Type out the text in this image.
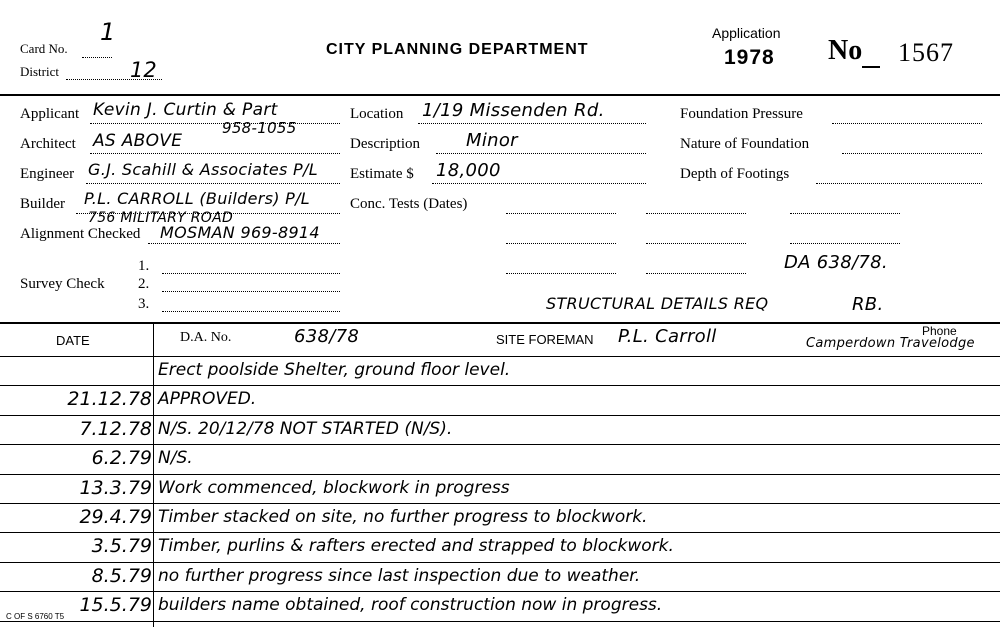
Card No.
1
District	12
CITY PLANNING DEPARTMENT
Application
1978 No 1567
Applicant Kevin J. Curtin & Part
958-1055
Architect AS ABOVE
Engineer G.J. Scahill & Associates P/L
Builder P.L. CARROLL (Builders) P/L
756 MILITARY ROAD
Alignment Checked MOSMAN 969-8914
Survey Check
1.
2.
3.
Location 1/19 Missenden Rd.
Description	Minor
Estimate $ 18,000
Conc. Tests (Dates)
DA 638/78.
STRUCTURAL DETAILS REQ	RB.
Foundation Pressure
Nature of Foundation
Depth of Footings
DATE	D.A. No.	638/78	SITE FOREMAN P.L. Carroll	Phone
Camperdown Travelodge
Erect poolside Shelter, ground floor level.
21.12.78 APPROVED.
7.12.78 N/S. 20/12/78 NOT STARTED (N/S).
6.2.79 N/S.
13.3.79 Work commenced, blockwork in progress
29.4.79 Timber stacked on site, no further progress to blockwork.
3.5.79 Timber, purlins & rafters erected and strapped to blockwork.
8.5.79 no further progress since last inspection due to weather.
15.5.79 builders name obtained, roof construction now in progress.
C OF S 6760 T5
